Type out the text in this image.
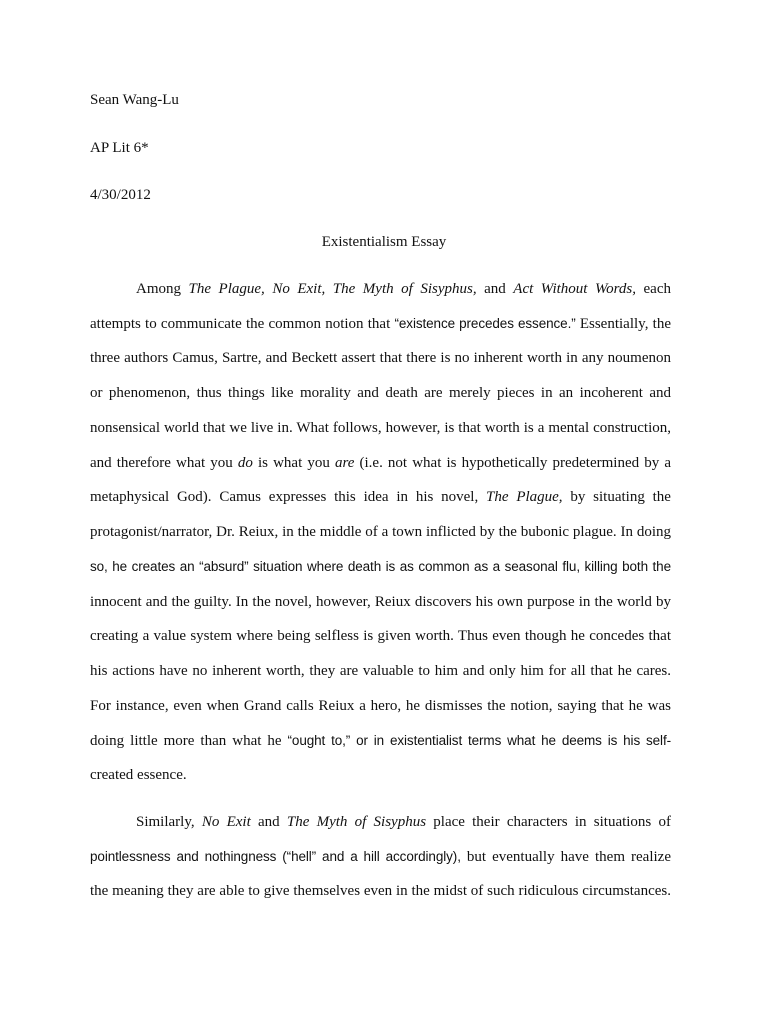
Sean Wang-Lu

AP Lit 6*

4/30/2012

Existentialism Essay

Among The Plague, No Exit, The Myth of Sisyphus, and Act Without Words, each

attempts to communicate the common notion that “existence precedes essence.” Essentially, the

three authors Camus, Sartre, and Beckett assert that there is no inherent worth in any noumenon

or phenomenon, thus things like morality and death are merely pieces in an incoherent and

nonsensical world that we live in. What follows, however, is that worth is a mental construction,

and therefore what you do is what you are (i.e. not what is hypothetically predetermined by a

metaphysical God). Camus expresses this idea in his novel, The Plague, by situating the

protagonist/narrator, Dr. Reiux, in the middle of a town inflicted by the bubonic plague. In doing

so, he creates an “absurd” situation where death is as common as a seasonal flu, killing both the

innocent and the guilty. In the novel, however, Reiux discovers his own purpose in the world by

creating a value system where being selfless is given worth. Thus even though he concedes that

his actions have no inherent worth, they are valuable to him and only him for all that he cares.

For instance, even when Grand calls Reiux a hero, he dismisses the notion, saying that he was

doing little more than what he “ought to,” or in existentialist terms what he deems is his self-

created essence.

Similarly, No Exit and The Myth of Sisyphus place their characters in situations of

pointlessness and nothingness (“hell” and a hill accordingly), but eventually have them realize

the meaning they are able to give themselves even in the midst of such ridiculous circumstances.
